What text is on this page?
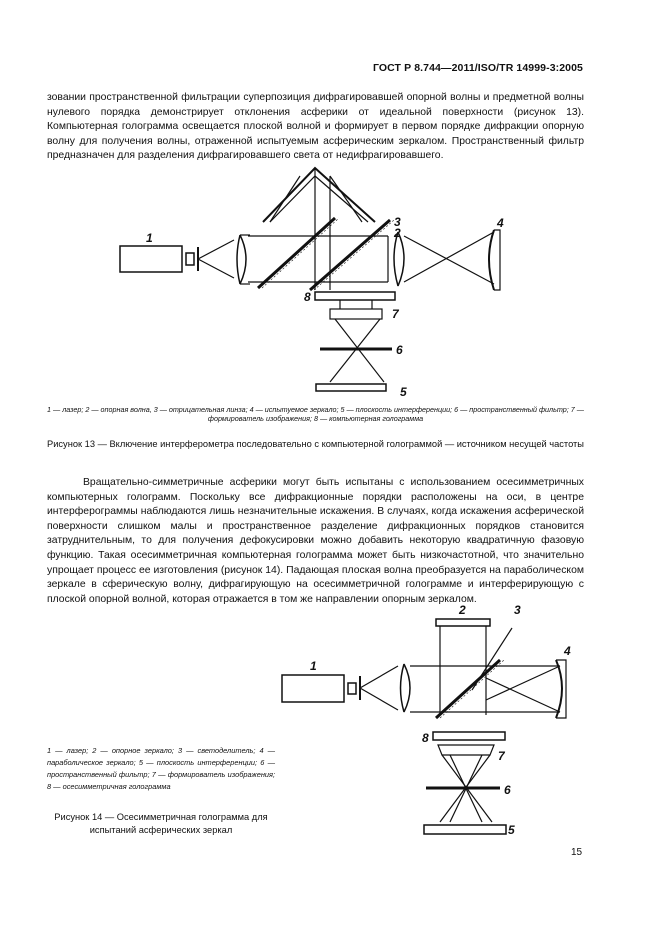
ГОСТ Р 8.744—2011/ISO/TR 14999-3:2005

зовании пространственной фильтрации суперпозиция дифрагировавшей опорной волны и предметной волны нулевого порядка демонстрирует отклонения асферики от идеальной поверхности (рисунок 13). Компьютерная голограмма освещается плоской волной и формирует в первом порядке дифракции опорную волну для получения волны, отраженной испытуемым асферическим зеркалом. Пространственный фильтр предназначен для разделения дифрагировавшего света от недифрагировавшего.

1	2
3	4
5
6
7
8
1
2	3
4
5
6
7
8

1 — лазер; 2 — опорная волна, 3 — отрицательная линза; 4 — испытуемое зеркало; 5 — плоскость интерференции; 6 — пространственный фильтр; 7 — формирователь изображения; 8 — компьютерная голограмма

Рисунок 13 — Включение интерферометра последовательно с компьютерной голограммой — источником несущей частоты

Вращательно-симметричные асферики могут быть испытаны с использованием осесимметричных компьютерных голограмм. Поскольку все дифракционные порядки расположены на оси, в центре интерферограммы наблюдаются лишь незначительные искажения. В случаях, когда искажения асферической поверхности слишком малы и пространственное разделение дифракционных порядков становится затруднительным, то для получения дефокусировки можно добавить некоторую квадратичную фазовую функцию. Такая осесимметричная компьютерная голограмма может быть низкочастотной, что значительно упрощает процесс ее изготовления (рисунок 14). Падающая плоская волна преобразуется на параболическом зеркале в сферическую волну, дифрагирующую на осесимметричной голограмме и интерферирующую с плоской опорной волной, которая отражается в том же направлении опорным зеркалом.

1 — лазер; 2 — опорное зеркало; 3 — светоделитель; 4 — параболическое зеркало; 5 — плоскость интерференции; 6 — пространственный фильтр; 7 — формирователь изображения; 8 — осесимметричная голограмма

Рисунок 14 — Осесимметричная голограмма для испытаний асферических зеркал

15
